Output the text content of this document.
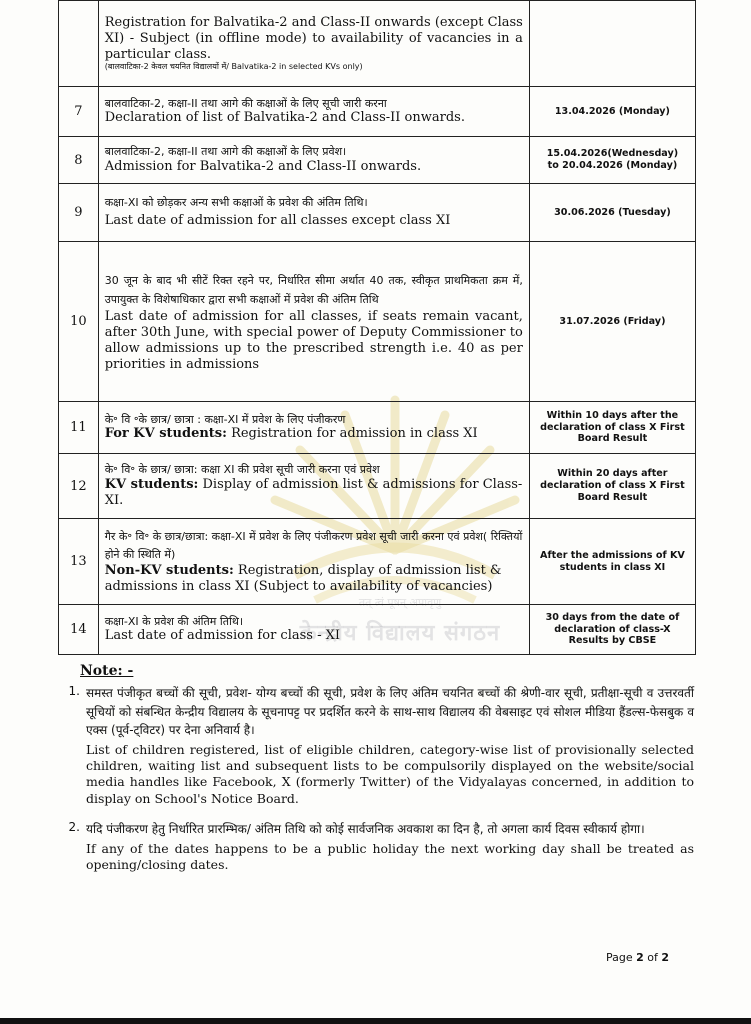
तत् त्वं पूषन् अपावृणु
केन्द्रीय विद्यालय संगठन

	Registration for Balvatika-2 and Class-II onwards (except Class XI) - Subject (in offline mode) to availability of vacancies in a particular class.
(बालवाटिका-2 केवल चयनित विद्यालयों में/ Balvatika-2 in selected KVs only)	

7	बालवाटिका-2, कक्षा-II तथा आगे की कक्षाओं के लिए सूची जारी करना
Declaration of list of Balvatika-2 and Class-II onwards.	13.04.2026 (Monday)
8	बालवाटिका-2, कक्षा-II तथा आगे की कक्षाओं के लिए प्रवेश।
Admission for Balvatika-2 and Class-II onwards.	15.04.2026(Wednesday)
to 20.04.2026 (Monday)

9	कक्षा-XI को छोड़कर अन्य सभी कक्षाओं के प्रवेश की अंतिम तिथि।
Last date of admission for all classes except class XI	30.06.2026 (Tuesday)
10	30 जून के बाद भी सीटें रिक्त रहने पर, निर्धारित सीमा अर्थात 40 तक, स्वीकृत प्राथमिकता क्रम में, उपायुक्त के विशेषाधिकार द्वारा सभी कक्षाओं में प्रवेश की अंतिम तिथि
Last date of admission for all classes, if seats remain vacant, after 30th June, with special power of Deputy Commissioner to allow admissions up to the prescribed strength i.e. 40 as per priorities in admissions	31.07.2026 (Friday)
11	के॰ वि ॰के छात्र/ छात्रा : कक्षा-XI में प्रवेश के लिए पंजीकरण
For KV students: Registration for admission in class XI	Within 10 days after the declaration of class X First Board Result
12	के॰ वि॰ के छात्र/ छात्रा: कक्षा XI की प्रवेश सूची जारी करना एवं प्रवेश
KV students: Display of admission list & admissions for Class-XI.	Within 20 days after declaration of class X First Board Result
13	गैर के॰ वि॰ के छात्र/छात्रा: कक्षा-XI में प्रवेश के लिए पंजीकरण प्रवेश सूची जारी करना एवं प्रवेश( रिक्तियों होने की स्थिति में)
Non-KV students: Registration, display of admission list & admissions in class XI (Subject to availability of vacancies)	After the admissions of KV students in class XI
14	कक्षा-XI के प्रवेश की अंतिम तिथि।
Last date of admission for class - XI	30 days from the date of declaration of class-X Results by CBSE
Note: -
1. समस्त पंजीकृत बच्चों की सूची, प्रवेश- योग्य बच्चों की सूची, प्रवेश के लिए अंतिम चयनित बच्चों की श्रेणी-वार सूची, प्रतीक्षा-सूची व उत्तरवर्ती सूचियों को संबन्धित केन्द्रीय विद्यालय के सूचनापट्ट पर प्रदर्शित करने के साथ-साथ विद्यालय की वेबसाइट एवं सोशल मीडिया हैंडल्स-फेसबुक व एक्स (पूर्व-ट्विटर) पर देना अनिवार्य है।
List of children registered, list of eligible children, category-wise list of provisionally selected children, waiting list and subsequent lists to be compulsorily displayed on the website/social media handles like Facebook, X (formerly Twitter) of the Vidyalayas concerned, in addition to display on School's Notice Board.
2. यदि पंजीकरण हेतु निर्धारित प्रारम्भिक/ अंतिम तिथि को कोई सार्वजनिक अवकाश का दिन है, तो अगला कार्य दिवस स्वीकार्य होगा।
If any of the dates happens to be a public holiday the next working day shall be treated as opening/closing dates.
Page 2 of 2
